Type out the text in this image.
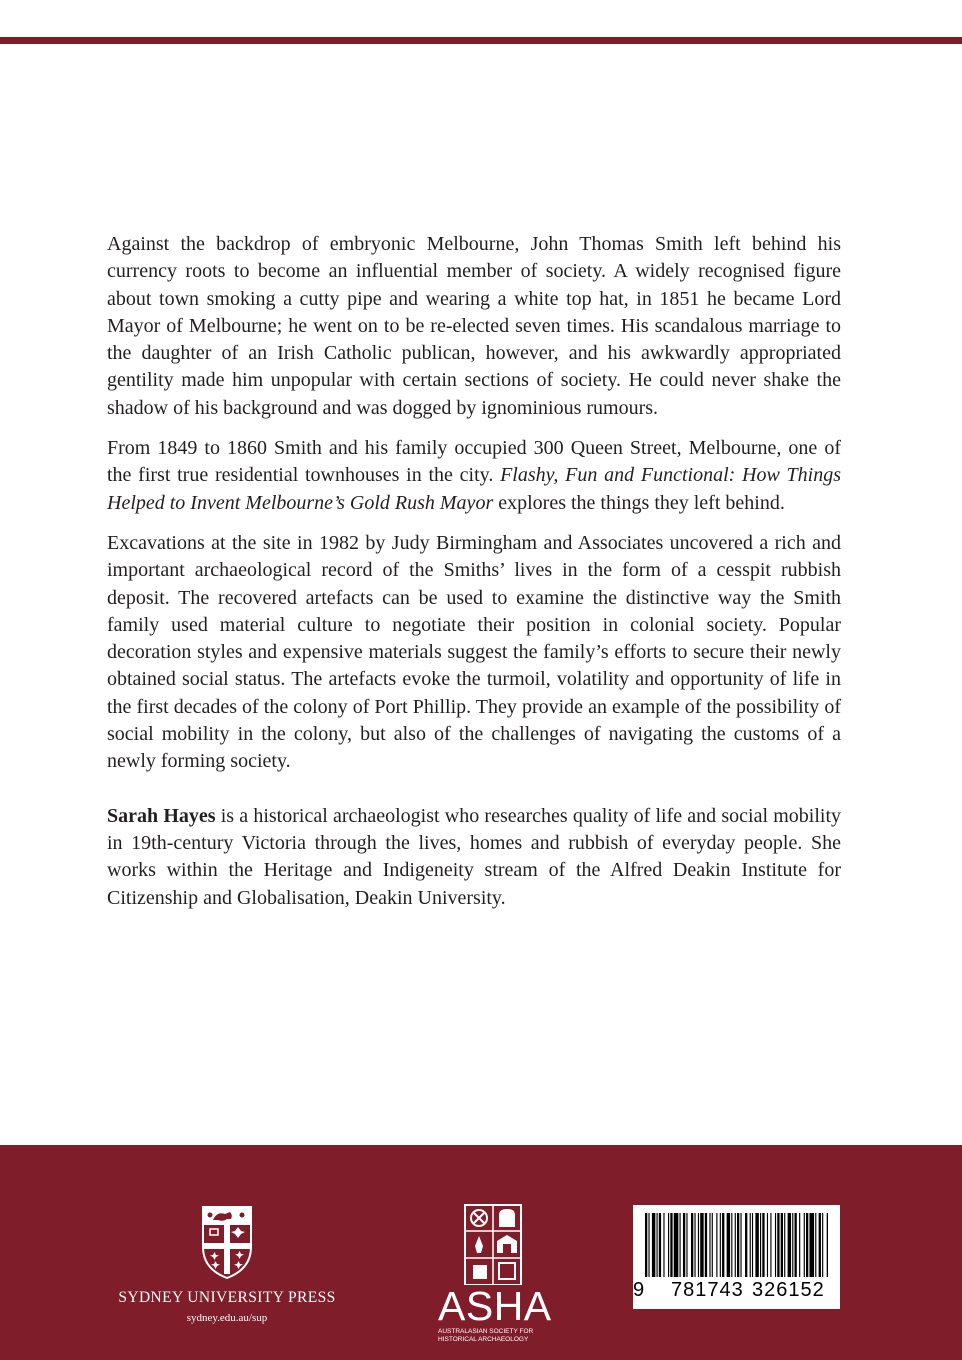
Against the backdrop of embryonic Melbourne, John Thomas Smith left behind his currency roots to become an influential member of society. A widely recognised figure about town smoking a cutty pipe and wearing a white top hat, in 1851 he became Lord Mayor of Melbourne; he went on to be re-elected seven times. His scandalous marriage to the daughter of an Irish Catholic publican, however, and his awkwardly appropriated gentility made him unpopular with certain sections of society. He could never shake the shadow of his background and was dogged by ignominious rumours.

From 1849 to 1860 Smith and his family occupied 300 Queen Street, Melbourne, one of the first true residential townhouses in the city. Flashy, Fun and Functional: How Things Helped to Invent Melbourne’s Gold Rush Mayor explores the things they left behind.

Excavations at the site in 1982 by Judy Birmingham and Associates uncovered a rich and important archaeological record of the Smiths’ lives in the form of a cesspit rubbish deposit. The recovered artefacts can be used to examine the distinctive way the Smith family used material culture to negotiate their position in colonial society. Popular decoration styles and expensive materials suggest the family’s efforts to secure their newly obtained social status. The artefacts evoke the turmoil, volatility and opportunity of life in the first decades of the colony of Port Phillip. They provide an example of the possibility of social mobility in the colony, but also of the challenges of navigating the customs of a newly forming society.

Sarah Hayes is a historical archaeologist who researches quality of life and social mobility in 19th-century Victoria through the lives, homes and rubbish of everyday people. She works within the Heritage and Indigeneity stream of the Alfred Deakin Institute for Citizenship and Globalisation, Deakin University.

SYDNEY UNIVERSITY PRESS
sydney.edu.au/sup	ASHA
AUSTRALASIAN SOCIETY FOR
HISTORICAL ARCHAEOLOGY
9 781743 326152
